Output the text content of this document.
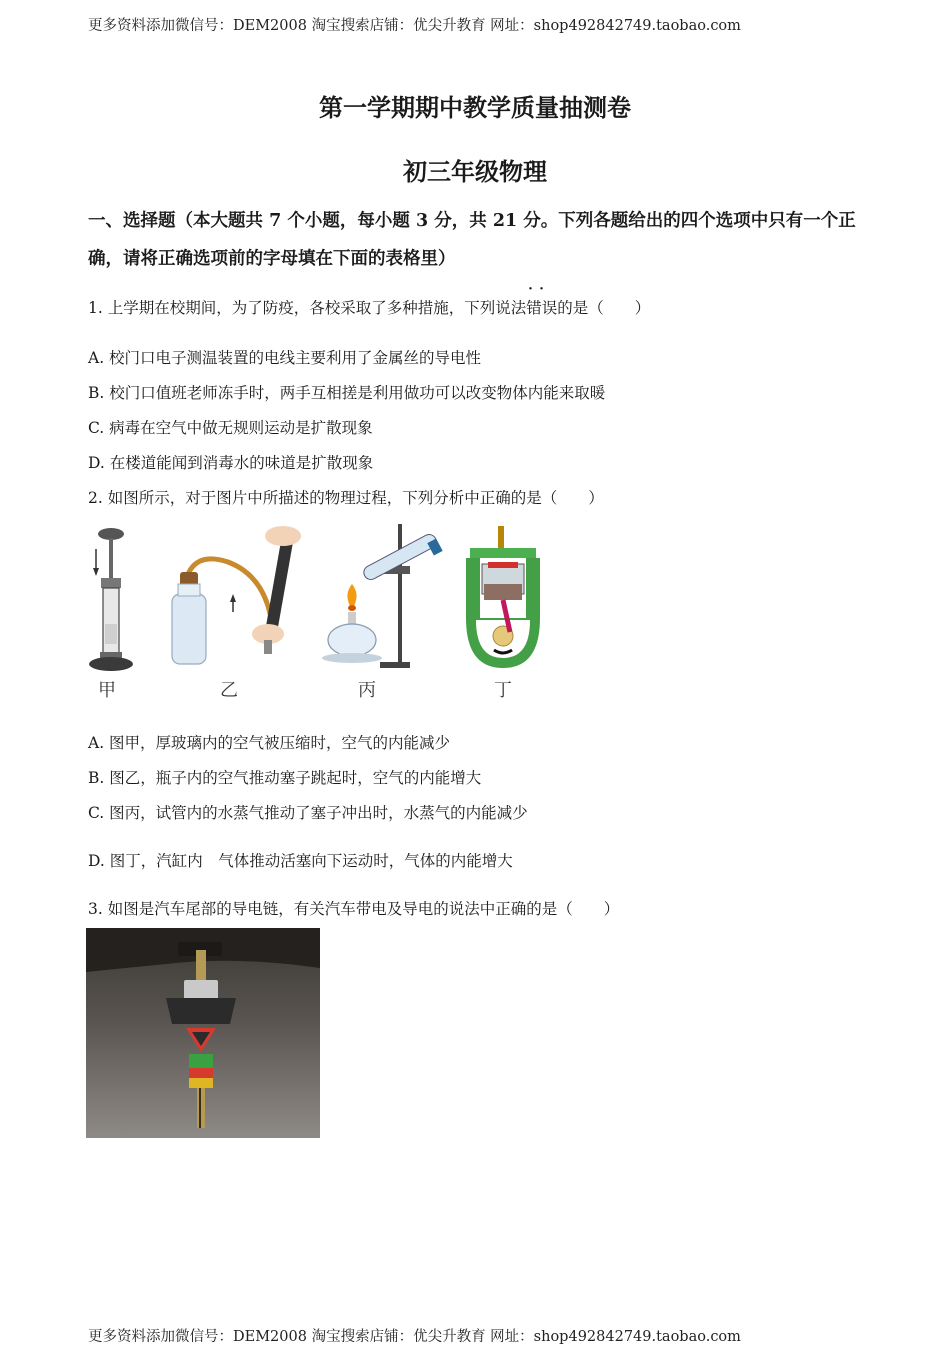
更多资料添加微信号：DEM2008 淘宝搜索店铺：优尖升教育 网址：shop492842749.taobao.com
第一学期期中教学质量抽测卷
初三年级物理
一、选择题（本大题共 7 个小题，每小题 3 分，共 21 分。下列各题给出的四个选项中只有一个正确，请将正确选项前的字母填在下面的表格里）
1. 上学期在校期间，为了防疫，各校采取了多种措施，下列说法· · 错误的是（　　）
A. 校门口电子测温装置的电线主要利用了金属丝的导电性
B. 校门口值班老师冻手时，两手互相搓是利用做功可以改变物体内能来取暖
C. 病毒在空气中做无规则运动是扩散现象
D. 在楼道能闻到消毒水的味道是扩散现象
2. 如图所示，对于图片中所描述的物理过程，下列分析中正确的是（　　）
甲	乙	丙	丁
A. 图甲，厚玻璃内的空气被压缩时，空气的内能减少
B. 图乙，瓶子内的空气推动塞子跳起时，空气的内能增大
C. 图丙，试管内的水蒸气推动了塞子冲出时，水蒸气的内能减少
D. 图丁，汽缸内　气体推动活塞向下运动时，气体的内能增大
3. 如图是汽车尾部的导电链，有关汽车带电及导电的说法中正确的是（　　）
更多资料添加微信号：DEM2008 淘宝搜索店铺：优尖升教育 网址：shop492842749.taobao.com
